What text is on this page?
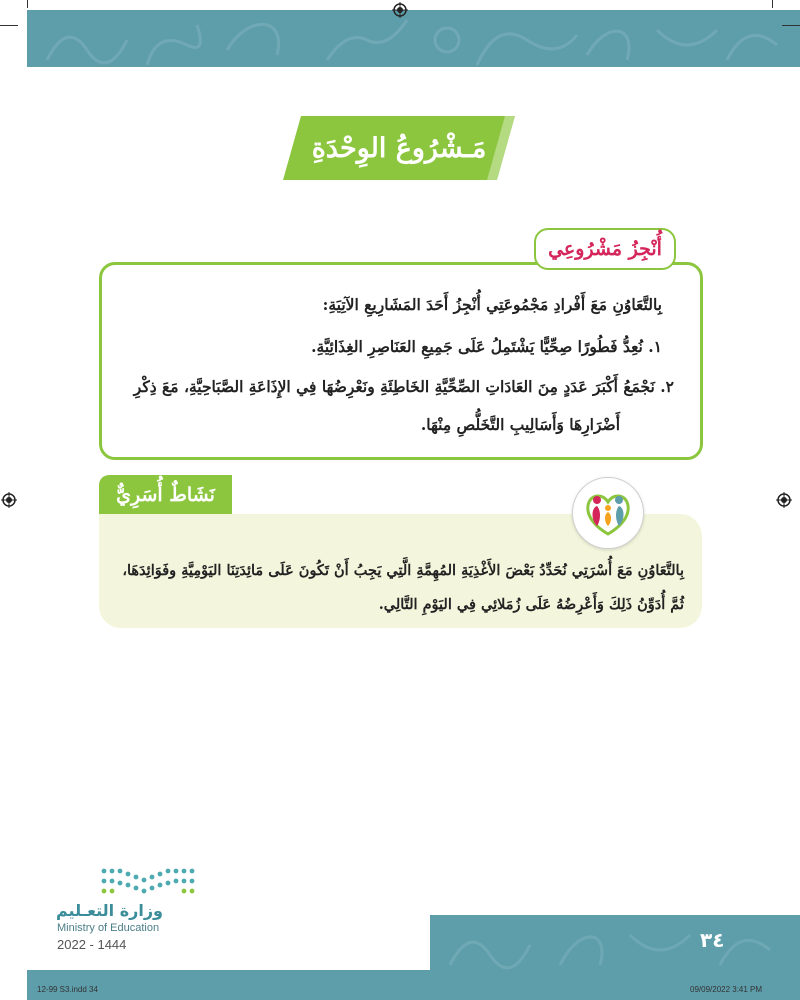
مَـشْرُوعُ الوِحْدَةِ
أُنْجِزُ مَشْرُوعِي
بِالتَّعَاوُنِ مَعَ أَفْرادِ مَجْمُوعَتِي أُنْجِزُ أَحَدَ المَشَارِيعِ الآتِيَةِ:
١. نُعِدُّ فَطُورًا صِحِّيًّا يَشْتَمِلُ عَلَى جَمِيعِ العَنَاصِرِ الغِذَائِيَّةِ.
٢. نَجْمَعُ أَكْبَرَ عَدَدٍ مِنَ العَادَاتِ الصِّحِّيَّةِ الخَاطِئَةِ ونَعْرِضُهَا فِي الإِذَاعَةِ الصَّبَاحِيَّةِ، مَعَ ذِكْرِ
أَضْرَارِهَا وَأَسَالِيبِ التَّخَلُّصِ مِنْهَا.
نَشَاطٌ أُسَرِيٌّ
بِالتَّعَاوُنِ مَعَ أُسْرَتِي نُحَدِّدُ بَعْضَ الأَغْذِيَةِ المُهِمَّةِ الَّتِي يَجِبُ أَنْ تَكُونَ عَلَى مَائِدَتِنَا اليَوْمِيَّةِ وفَوَائِدَهَا،
ثُمَّ أُدَوِّنُ ذَلِكَ وَأَعْرِضُهُ عَلَى زُمَلائِي فِي اليَوْمِ التَّالِي.
وزارة التعـليم
Ministry of Education
2022 - 1444	٣٤
12-99 S3.indd 34	09/09/2022 3:41 PM
